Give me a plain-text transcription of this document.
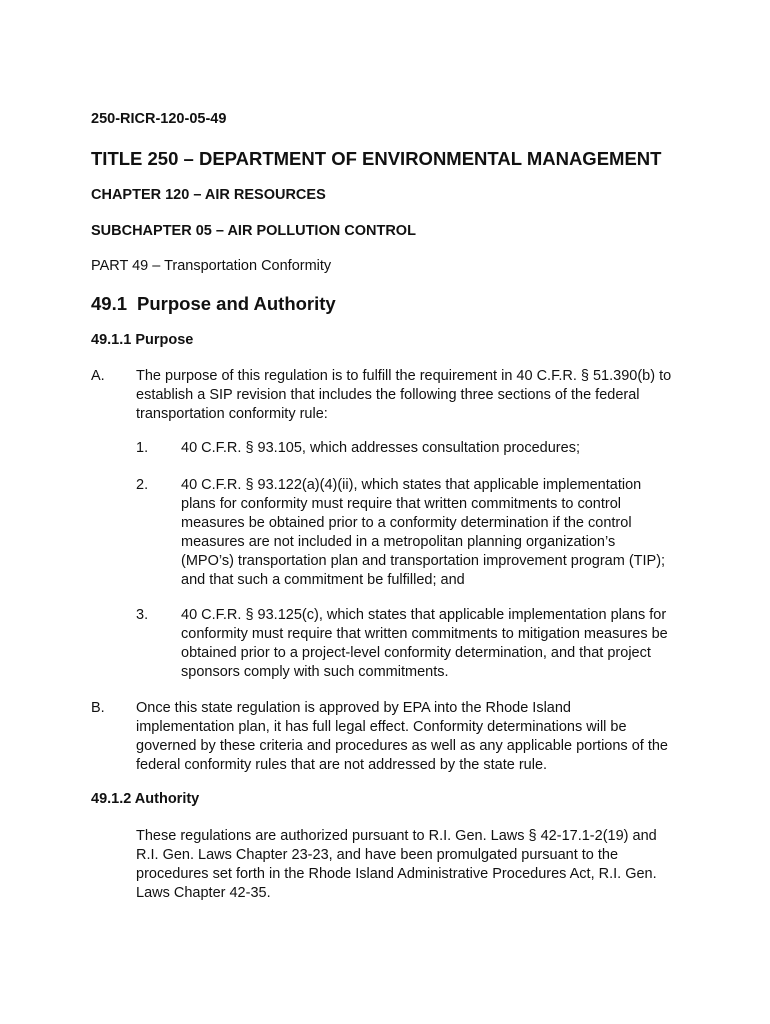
250-RICR-120-05-49
TITLE 250 – DEPARTMENT OF ENVIRONMENTAL MANAGEMENT
CHAPTER 120 – AIR RESOURCES
SUBCHAPTER 05 – AIR POLLUTION CONTROL
PART 49 – Transportation Conformity
49.1 Purpose and Authority
49.1.1 Purpose
A. The purpose of this regulation is to fulfill the requirement in 40 C.F.R. § 51.390(b) to establish a SIP revision that includes the following three sections of the federal transportation conformity rule:
1. 40 C.F.R. § 93.105, which addresses consultation procedures;
2. 40 C.F.R. § 93.122(a)(4)(ii), which states that applicable implementation plans for conformity must require that written commitments to control measures be obtained prior to a conformity determination if the control measures are not included in a metropolitan planning organization’s (MPO’s) transportation plan and transportation improvement program (TIP); and that such a commitment be fulfilled; and
3. 40 C.F.R. § 93.125(c), which states that applicable implementation plans for conformity must require that written commitments to mitigation measures be obtained prior to a project-level conformity determination, and that project sponsors comply with such commitments.
B. Once this state regulation is approved by EPA into the Rhode Island implementation plan, it has full legal effect. Conformity determinations will be governed by these criteria and procedures as well as any applicable portions of the federal conformity rules that are not addressed by the state rule.
49.1.2 Authority
These regulations are authorized pursuant to R.I. Gen. Laws § 42-17.1-2(19) and R.I. Gen. Laws Chapter 23-23, and have been promulgated pursuant to the procedures set forth in the Rhode Island Administrative Procedures Act, R.I. Gen. Laws Chapter 42-35.
